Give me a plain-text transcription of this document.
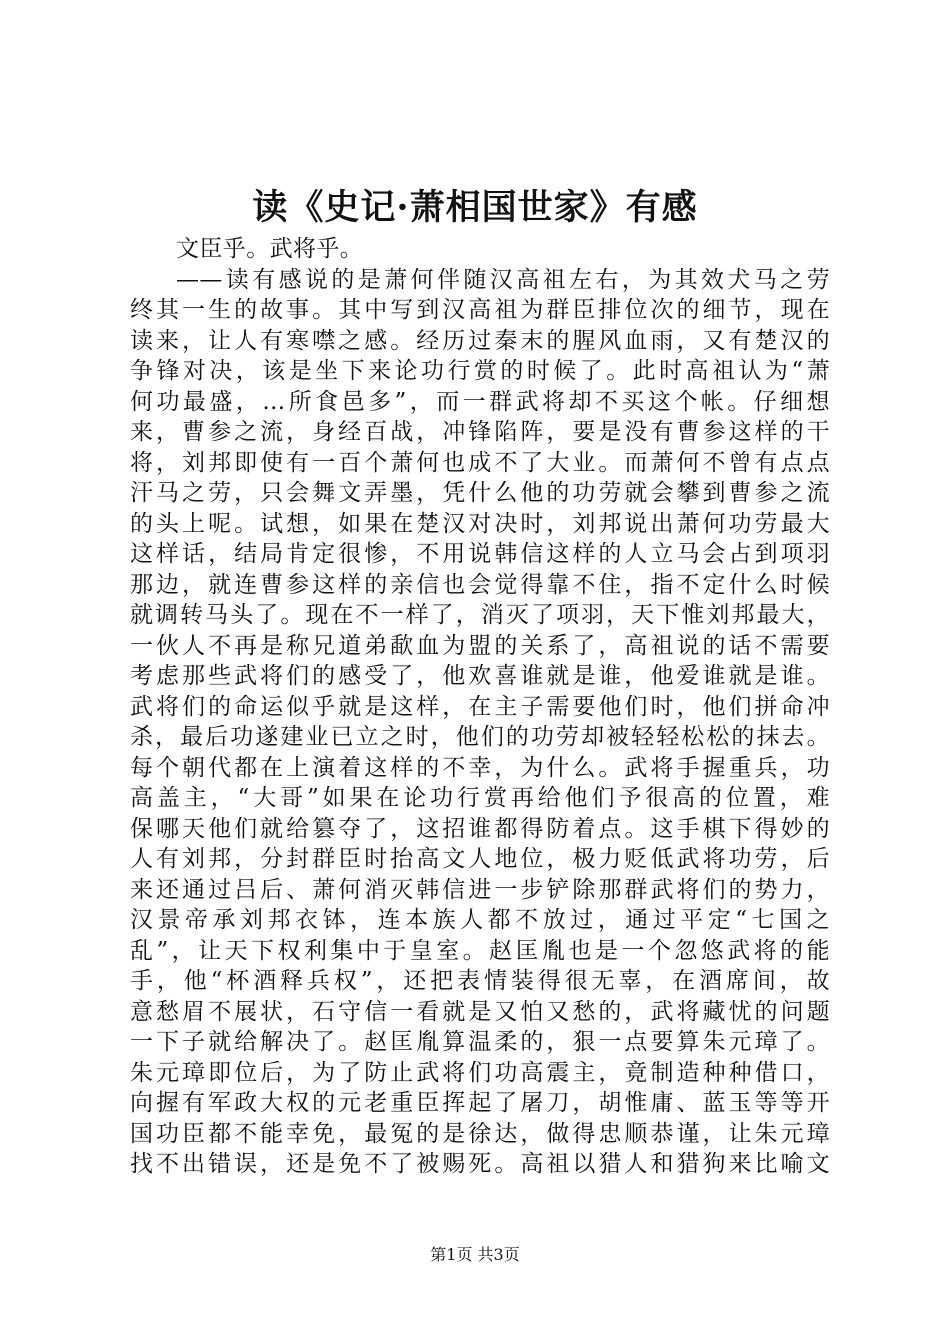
读《史记·萧相国世家》有感
文臣乎。武将乎。
——读有感说的是萧何伴随汉高祖左右，为其效犬马之劳
终其一生的故事。其中写到汉高祖为群臣排位次的细节，现在
读来，让人有寒噤之感。经历过秦末的腥风血雨，又有楚汉的
争锋对决，该是坐下来论功行赏的时候了。此时高祖认为“萧
何功最盛，…所食邑多”，而一群武将却不买这个帐。仔细想
来，曹参之流，身经百战，冲锋陷阵，要是没有曹参这样的干
将，刘邦即使有一百个萧何也成不了大业。而萧何不曾有点点
汗马之劳，只会舞文弄墨，凭什么他的功劳就会攀到曹参之流
的头上呢。试想，如果在楚汉对决时，刘邦说出萧何功劳最大
这样话，结局肯定很惨，不用说韩信这样的人立马会占到项羽
那边，就连曹参这样的亲信也会觉得靠不住，指不定什么时候
就调转马头了。现在不一样了，消灭了项羽，天下惟刘邦最大，
一伙人不再是称兄道弟歃血为盟的关系了，高祖说的话不需要
考虑那些武将们的感受了，他欢喜谁就是谁，他爱谁就是谁。
武将们的命运似乎就是这样，在主子需要他们时，他们拼命冲
杀，最后功遂建业已立之时，他们的功劳却被轻轻松松的抹去。
每个朝代都在上演着这样的不幸，为什么。武将手握重兵，功
高盖主，“大哥”如果在论功行赏再给他们予很高的位置，难
保哪天他们就给篡夺了，这招谁都得防着点。这手棋下得妙的
人有刘邦，分封群臣时抬高文人地位，极力贬低武将功劳，后
来还通过吕后、萧何消灭韩信进一步铲除那群武将们的势力，
汉景帝承刘邦衣钵，连本族人都不放过，通过平定“七国之
乱”，让天下权利集中于皇室。赵匡胤也是一个忽悠武将的能
手，他“杯酒释兵权”，还把表情装得很无辜，在酒席间，故
意愁眉不展状，石守信一看就是又怕又愁的，武将藏忧的问题
一下子就给解决了。赵匡胤算温柔的，狠一点要算朱元璋了。
朱元璋即位后，为了防止武将们功高震主，竟制造种种借口，
向握有军政大权的元老重臣挥起了屠刀，胡惟庸、蓝玉等等开
国功臣都不能幸免，最冤的是徐达，做得忠顺恭谨，让朱元璋
找不出错误，还是免不了被赐死。高祖以猎人和猎狗来比喻文
第1页 共3页
